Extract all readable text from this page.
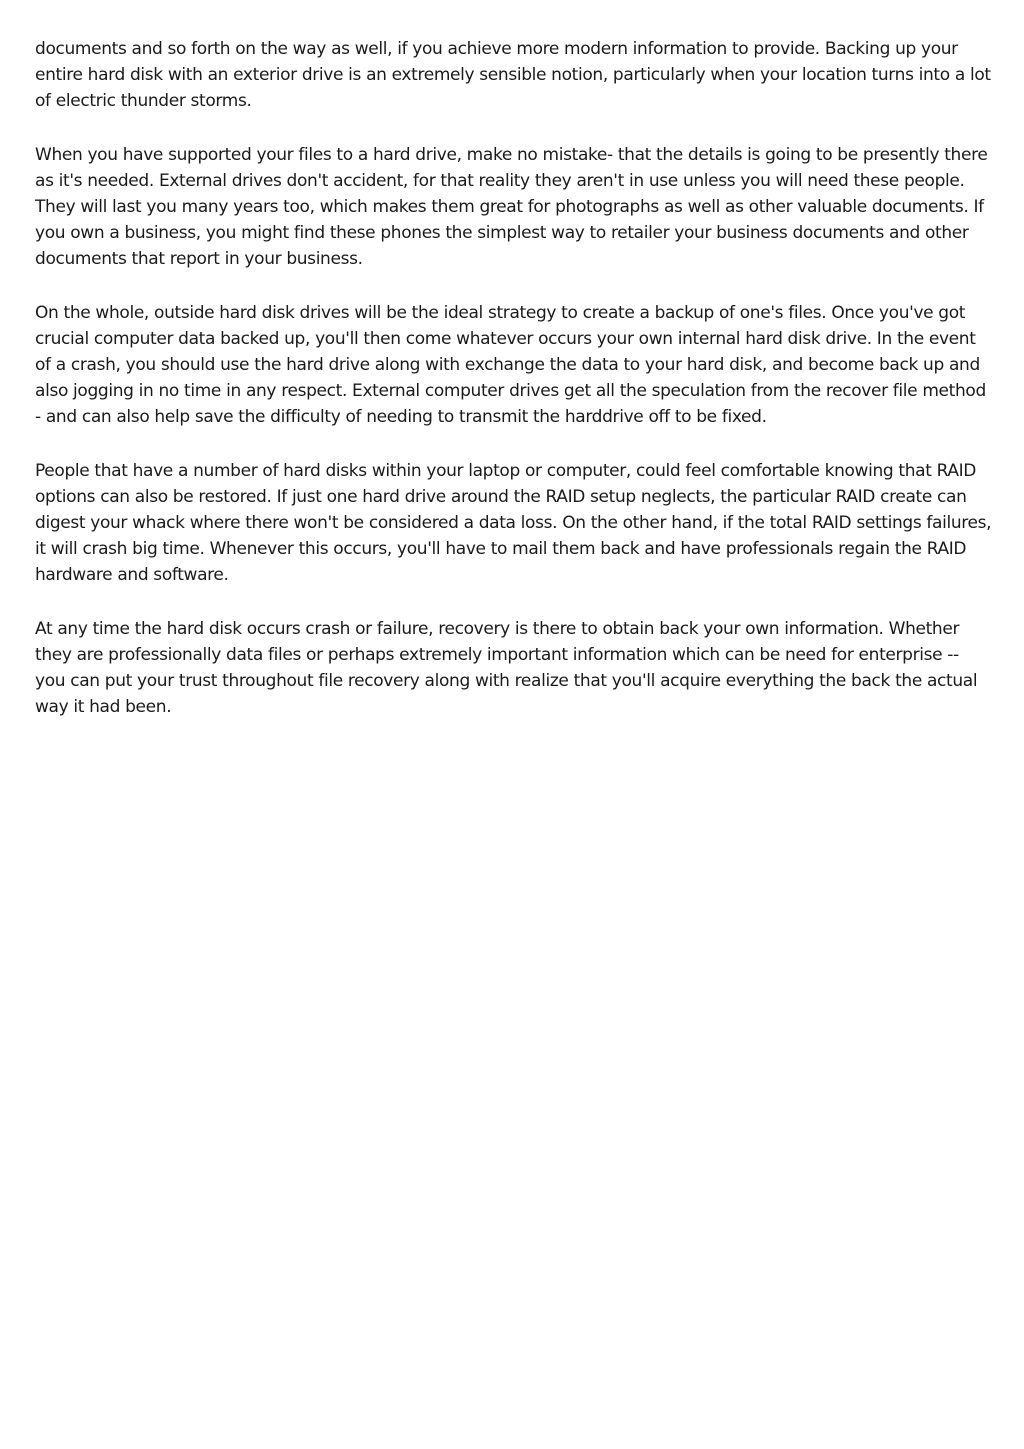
documents and so forth on the way as well, if you achieve more modern information to provide. Backing up your entire hard disk with an exterior drive is an extremely sensible notion, particularly when your location turns into a lot of electric thunder storms.

When you have supported your files to a hard drive, make no mistake- that the details is going to be presently there as it's needed. External drives don't accident, for that reality they aren't in use unless you will need these people. They will last you many years too, which makes them great for photographs as well as other valuable documents. If you own a business, you might find these phones the simplest way to retailer your business documents and other documents that report in your business.

On the whole, outside hard disk drives will be the ideal strategy to create a backup of one's files. Once you've got crucial computer data backed up, you'll then come whatever occurs your own internal hard disk drive. In the event of a crash, you should use the hard drive along with exchange the data to your hard disk, and become back up and also jogging in no time in any respect. External computer drives get all the speculation from the recover file method - and can also help save the difficulty of needing to transmit the harddrive off to be fixed.

People that have a number of hard disks within your laptop or computer, could feel comfortable knowing that RAID options can also be restored. If just one hard drive around the RAID setup neglects, the particular RAID create can digest your whack where there won't be considered a data loss. On the other hand, if the total RAID settings failures, it will crash big time. Whenever this occurs, you'll have to mail them back and have professionals regain the RAID hardware and software.

At any time the hard disk occurs crash or failure, recovery is there to obtain back your own information. Whether they are professionally data files or perhaps extremely important information which can be need for enterprise -- you can put your trust throughout file recovery along with realize that you'll acquire everything the back the actual way it had been.
